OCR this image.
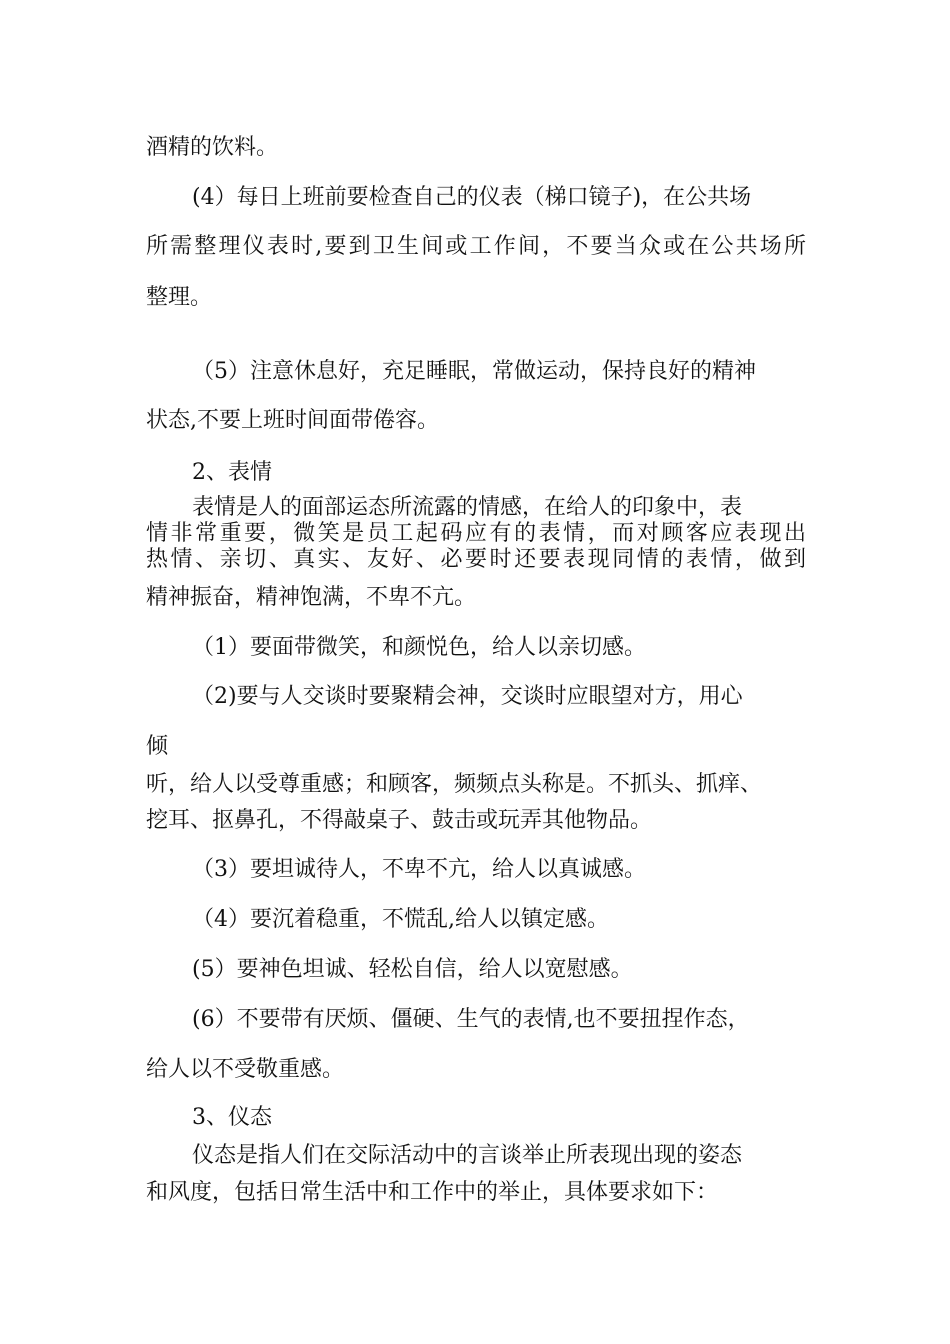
酒精的饮料。
(4）每日上班前要检查自己的仪表（梯口镜子)，在公共场
所需整理仪表时,要到卫生间或工作间，不要当众或在公共场所
整理。
（5）注意休息好，充足睡眠，常做运动，保持良好的精神
状态,不要上班时间面带倦容。
2、表情
表情是人的面部运态所流露的情感，在给人的印象中，表
情非常重要，微笑是员工起码应有的表情，而对顾客应表现出
热情、亲切、真实、友好、必要时还要表现同情的表情，做到
精神振奋，精神饱满，不卑不亢。
（1）要面带微笑，和颜悦色，给人以亲切感。
（2)要与人交谈时要聚精会神，交谈时应眼望对方，用心
倾
听，给人以受尊重感；和顾客，频频点头称是。不抓头、抓痒、
挖耳、抠鼻孔，不得敲桌子、鼓击或玩弄其他物品。
（3）要坦诚待人，不卑不亢，给人以真诚感。
（4）要沉着稳重，不慌乱,给人以镇定感。
(5）要神色坦诚、轻松自信，给人以宽慰感。
(6）不要带有厌烦、僵硬、生气的表情,也不要扭捏作态，
给人以不受敬重感。
3、仪态
仪态是指人们在交际活动中的言谈举止所表现出现的姿态
和风度，包括日常生活中和工作中的举止，具体要求如下：
